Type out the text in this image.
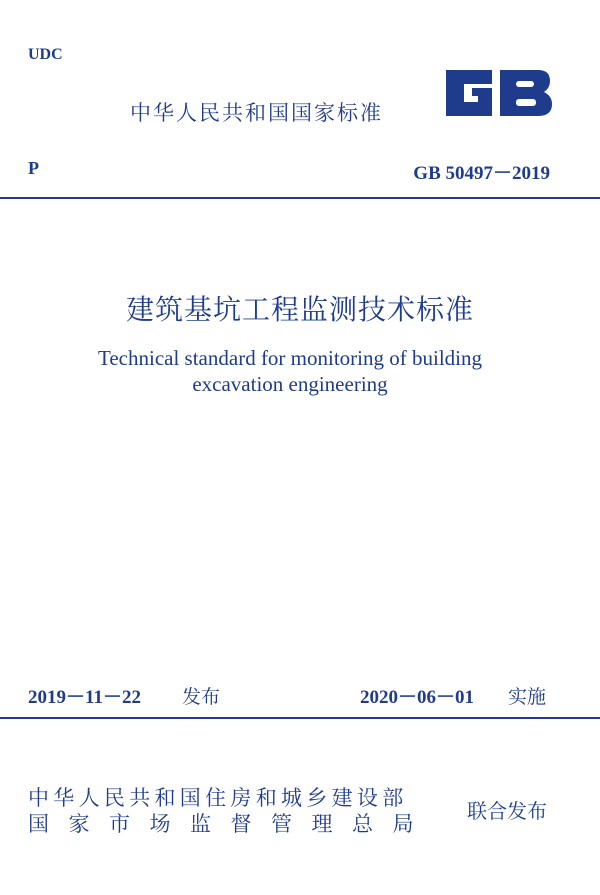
UDC
中华人民共和国国家标准
P	GB 50497－2019
建筑基坑工程监测技术标准
Technical standard for monitoring of building
excavation engineering
2019－11－22 发布	2020－06－01 实施
中华人民共和国住房和城乡建设部
国家市场监督管理总局
联合发布
